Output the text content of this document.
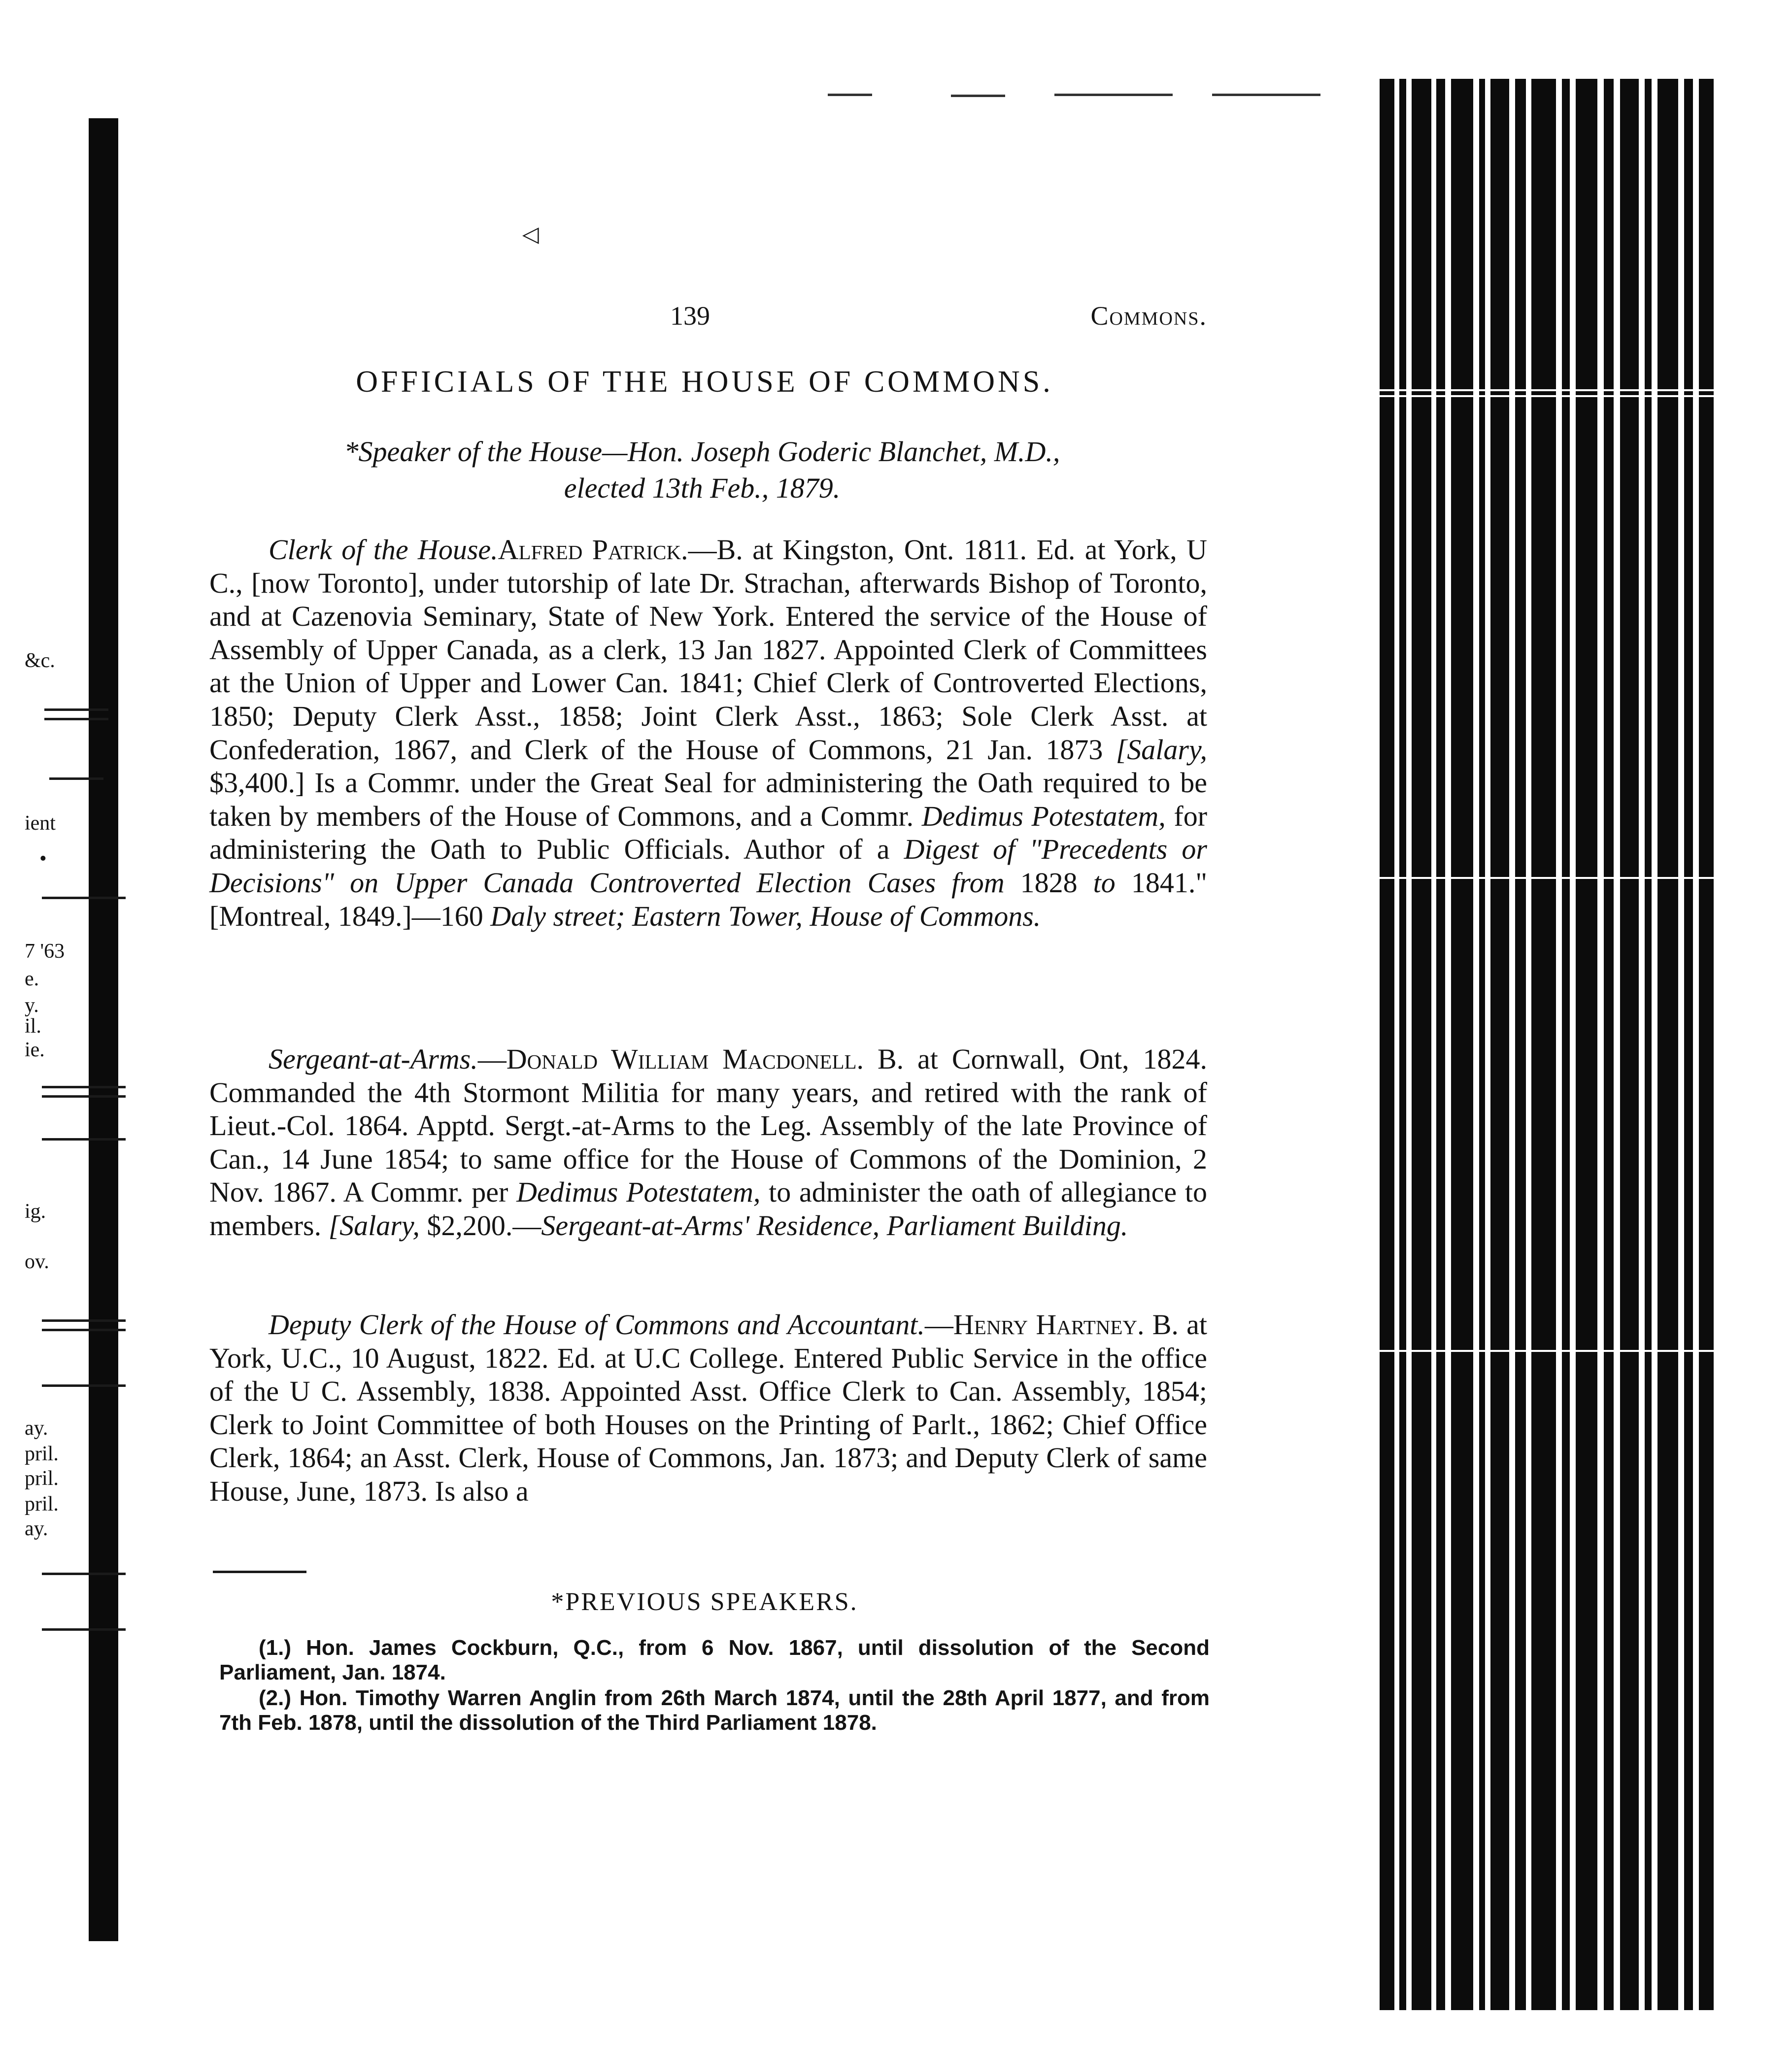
◁
&c.
ient
•
7 '63
e.
y.
il.
ie.
ig.
ov.
ay.
pril.
pril.
pril.
ay.
139	Commons.
OFFICIALS OF THE HOUSE OF COMMONS.
*Speaker of the House—Hon. Joseph Goderic Blanchet, M.D.,
elected 13th Feb., 1879.
Clerk of the House.Alfred Patrick.—B. at Kingston, Ont. 1811. Ed. at York, U C., [now Toronto], under tutorship of late Dr. Strachan, afterwards Bishop of Toronto, and at Cazenovia Seminary, State of New York. Entered the service of the House of Assembly of Upper Canada, as a clerk, 13 Jan 1827. Appointed Clerk of Committees at the Union of Upper and Lower Can. 1841; Chief Clerk of Controverted Elections, 1850; Deputy Clerk Asst., 1858; Joint Clerk Asst., 1863; Sole Clerk Asst. at Confederation, 1867, and Clerk of the House of Commons, 21 Jan. 1873 [Salary, $3,400.] Is a Commr. under the Great Seal for administering the Oath required to be taken by members of the House of Commons, and a Commr. Dedimus Potestatem, for administering the Oath to Public Officials. Author of a Digest of "Precedents or Decisions" on Upper Canada Controverted Election Cases from 1828 to 1841." [Montreal, 1849.]—160 Daly street; Eastern Tower, House of Commons.
Sergeant-at-Arms.—Donald William Macdonell. B. at Cornwall, Ont, 1824. Commanded the 4th Stormont Militia for many years, and retired with the rank of Lieut.-Col. 1864. Apptd. Sergt.-at-Arms to the Leg. Assembly of the late Province of Can., 14 June 1854; to same office for the House of Commons of the Dominion, 2 Nov. 1867. A Commr. per Dedimus Potestatem, to administer the oath of allegiance to members. [Salary, $2,200.—Sergeant-at-Arms' Residence, Parliament Building.
Deputy Clerk of the House of Commons and Accountant.—Henry Hartney. B. at York, U.C., 10 August, 1822. Ed. at U.C College. Entered Public Service in the office of the U C. Assembly, 1838. Appointed Asst. Office Clerk to Can. Assembly, 1854; Clerk to Joint Committee of both Houses on the Printing of Parlt., 1862; Chief Office Clerk, 1864; an Asst. Clerk, House of Commons, Jan. 1873; and Deputy Clerk of same House, June, 1873. Is also a
*PREVIOUS SPEAKERS.
(1.) Hon. James Cockburn, Q.C., from 6 Nov. 1867, until dissolution of the Second Parliament, Jan. 1874.
(2.) Hon. Timothy Warren Anglin from 26th March 1874, until the 28th April 1877, and from 7th Feb. 1878, until the dissolution of the Third Parliament 1878.
